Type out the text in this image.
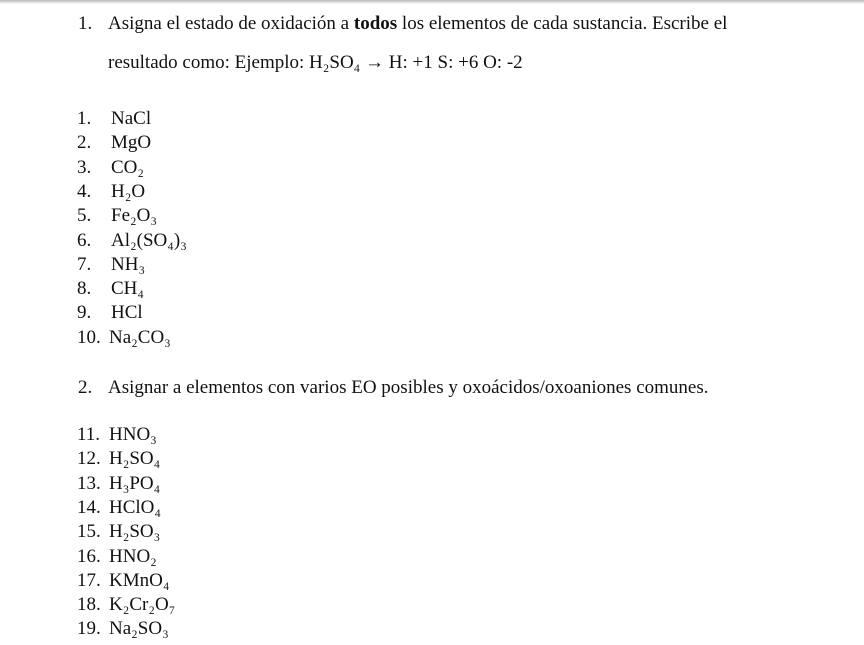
1. Asigna el estado de oxidación a todos los elementos de cada sustancia. Escribe el
resultado como: Ejemplo: H₂SO₄ → H: +1 S: +6 O: -2
1. NaCl
2. MgO
3. CO₂
4. H₂O
5. Fe₂O₃
6. Al₂(SO₄)₃
7. NH₃
8. CH₄
9. HCl
10. Na₂CO₃
2. Asignar a elementos con varios EO posibles y oxoácidos/oxoaniones comunes.
11. HNO₃
12. H₂SO₄
13. H₃PO₄
14. HClO₄
15. H₂SO₃
16. HNO₂
17. KMnO₄
18. K₂Cr₂O₇
19. Na₂SO₃
